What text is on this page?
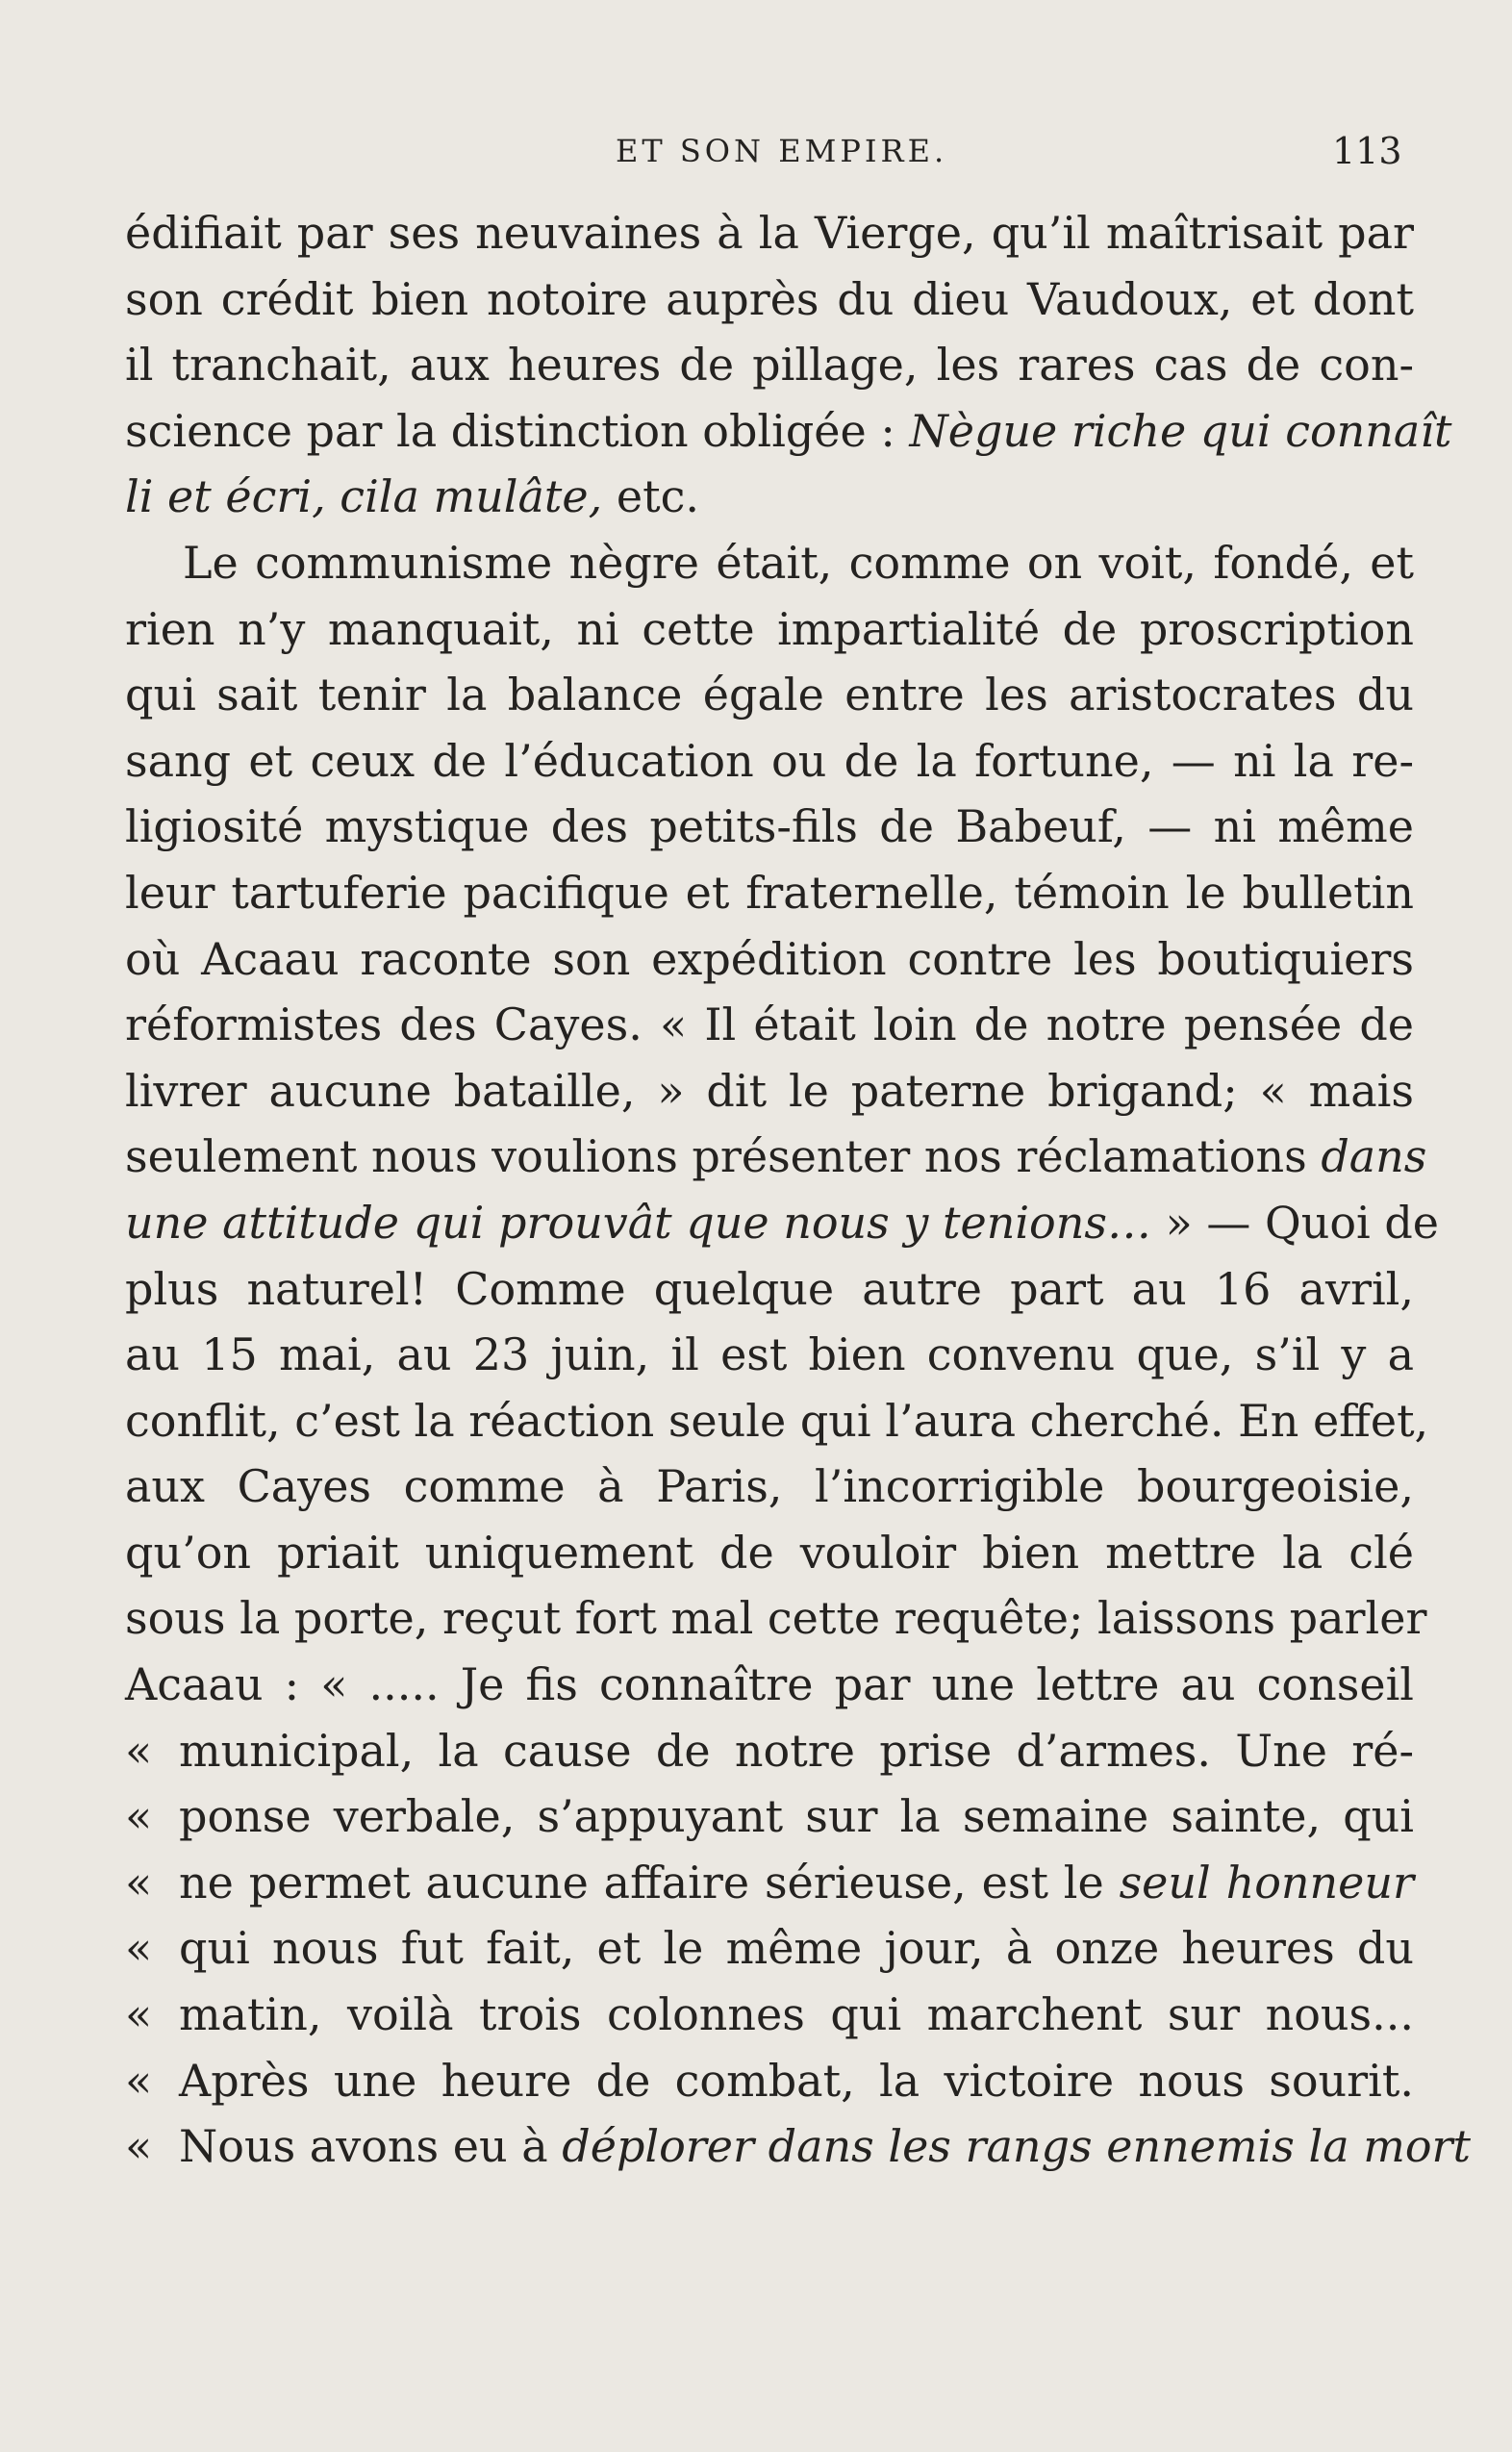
ET SON EMPIRE.	113
édifiait par ses neuvaines à la Vierge, qu’il maîtrisait par
son crédit bien notoire auprès du dieu Vaudoux, et dont
il tranchait, aux heures de pillage, les rares cas de con-
science par la distinction obligée : Nègue riche qui connaît
li et écri, cila mulâte, etc.
Le communisme nègre était, comme on voit, fondé, et
rien n’y manquait, ni cette impartialité de proscription
qui sait tenir la balance égale entre les aristocrates du
sang et ceux de l’éducation ou de la fortune, — ni la re-
ligiosité mystique des petits-fils de Babeuf, — ni même
leur tartuferie pacifique et fraternelle, témoin le bulletin
où Acaau raconte son expédition contre les boutiquiers
réformistes des Cayes. « Il était loin de notre pensée de
livrer aucune bataille, » dit le paterne brigand; « mais
seulement nous voulions présenter nos réclamations dans
une attitude qui prouvât que nous y tenions… » — Quoi de
plus naturel! Comme quelque autre part au 16 avril,
au 15 mai, au 23 juin, il est bien convenu que, s’il y a
conflit, c’est la réaction seule qui l’aura cherché. En effet,
aux Cayes comme à Paris, l’incorrigible bourgeoisie,
qu’on priait uniquement de vouloir bien mettre la clé
sous la porte, reçut fort mal cette requête; laissons parler
Acaau : « ..... Je fis connaître par une lettre au conseil
« municipal, la cause de notre prise d’armes. Une ré-
« ponse verbale, s’appuyant sur la semaine sainte, qui
« ne permet aucune affaire sérieuse, est le seul honneur
« qui nous fut fait, et le même jour, à onze heures du
« matin, voilà trois colonnes qui marchent sur nous...
« Après une heure de combat, la victoire nous sourit.
« Nous avons eu à déplorer dans les rangs ennemis la mort
